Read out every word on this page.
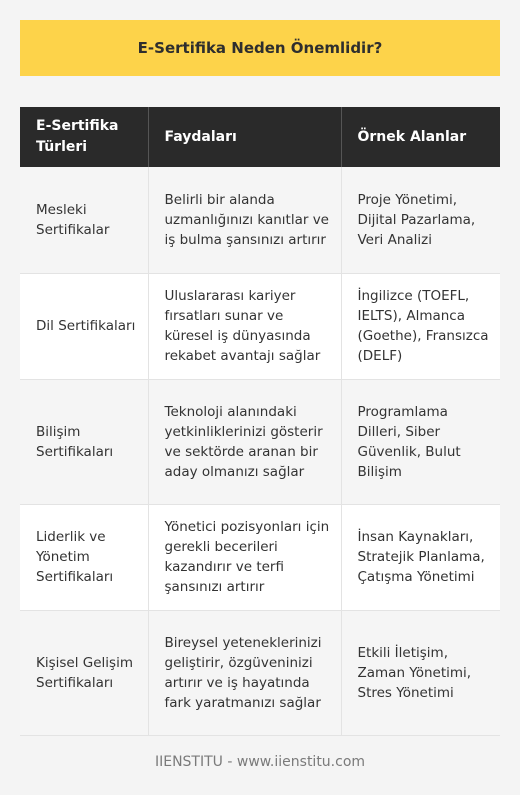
E-Sertifika Neden Önemlidir?
E-Sertifika Türleri	Faydaları	Örnek Alanlar
Mesleki Sertifikalar	Belirli bir alanda uzmanlığınızı kanıtlar ve iş bulma şansınızı artırır	Proje Yönetimi, Dijital Pazarlama, Veri Analizi
Dil Sertifikaları	Uluslararası kariyer fırsatları sunar ve küresel iş dünyasında rekabet avantajı sağlar	İngilizce (TOEFL, IELTS), Almanca (Goethe), Fransızca (DELF)
Bilişim Sertifikaları	Teknoloji alanındaki yetkinliklerinizi gösterir ve sektörde aranan bir aday olmanızı sağlar	Programlama Dilleri, Siber Güvenlik, Bulut Bilişim
Liderlik ve Yönetim Sertifikaları	Yönetici pozisyonları için gerekli becerileri kazandırır ve terfi şansınızı artırır	İnsan Kaynakları, Stratejik Planlama, Çatışma Yönetimi
Kişisel Gelişim Sertifikaları	Bireysel yeteneklerinizi geliştirir, özgüveninizi artırır ve iş hayatında fark yaratmanızı sağlar	Etkili İletişim, Zaman Yönetimi, Stres Yönetimi
IIENSTITU - www.iienstitu.com
